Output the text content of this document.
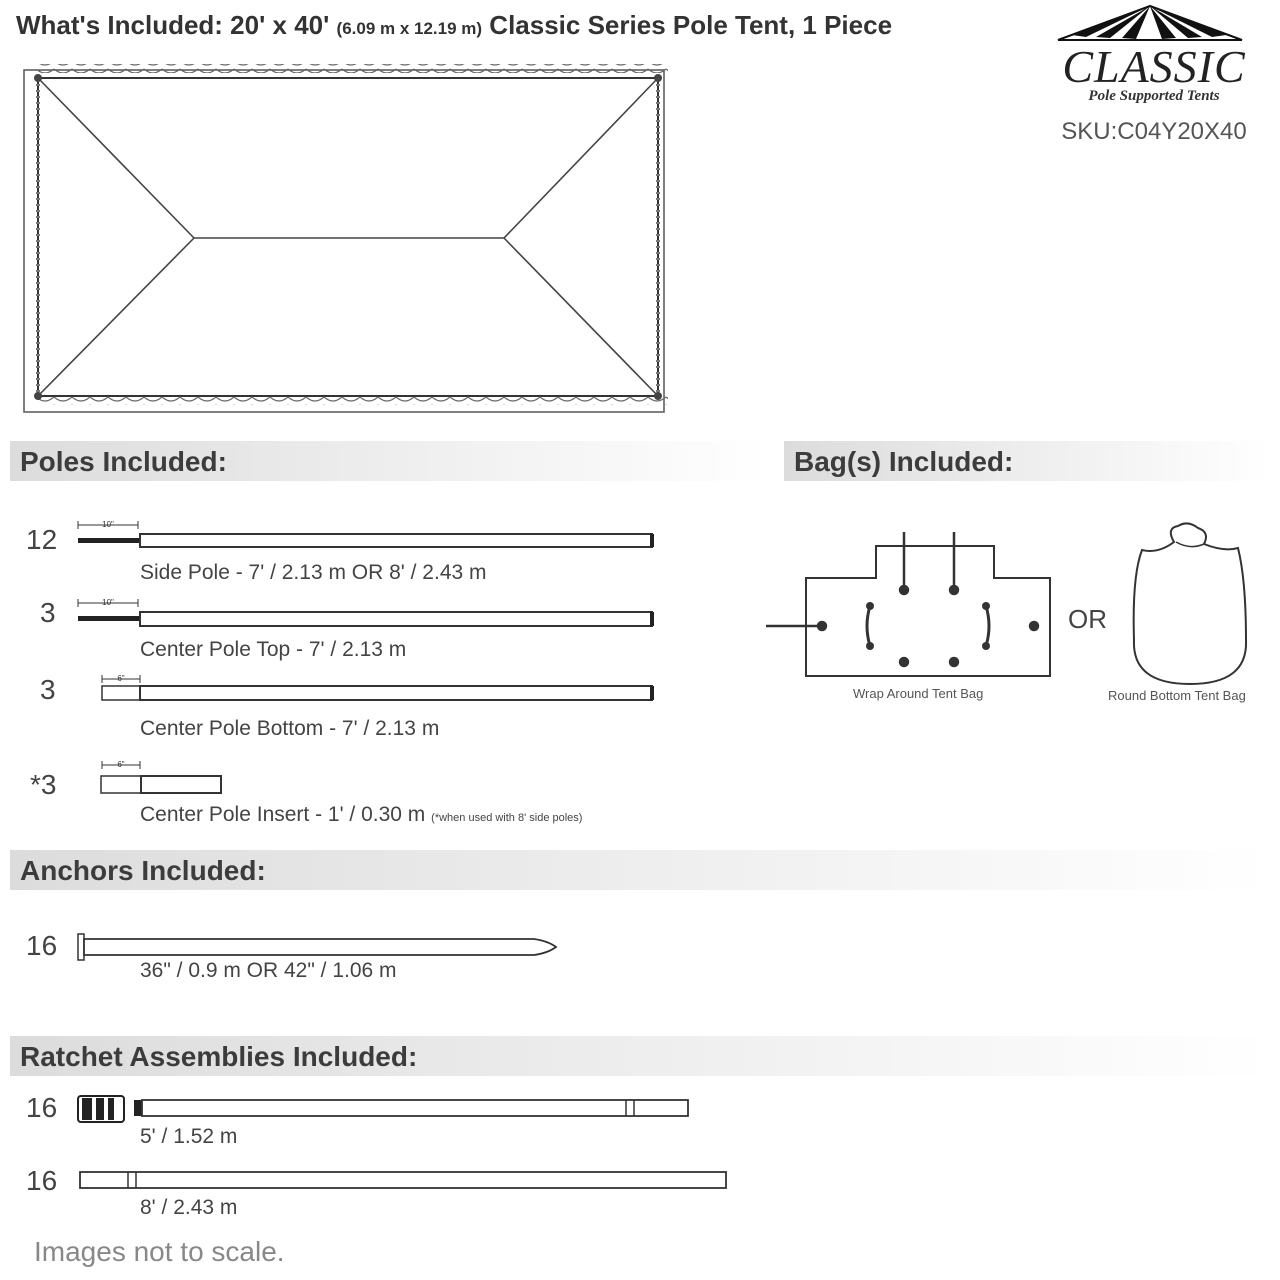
What's Included: 20' x 40' (6.09 m x 12.19 m) Classic Series Pole Tent, 1 Piece
CLASSIC
Pole Supported Tents
SKU:C04Y20X40
Poles Included:	Bag(s) Included:
Anchors Included:
Ratchet Assemblies Included:
12	10"
Side Pole - 7' / 2.13 m OR 8' / 2.43 m
3	10"
Center Pole Top - 7' / 2.13 m
3	6"
Center Pole Bottom - 7' / 2.13 m
*3
6"
Center Pole Insert - 1' / 0.30 m (*when used with 8' side poles)
Wrap Around Tent Bag
OR
Round Bottom Tent Bag
16
36" / 0.9 m OR 42" / 1.06 m
16
5' / 1.52 m
16
8' / 2.43 m
Images not to scale.
